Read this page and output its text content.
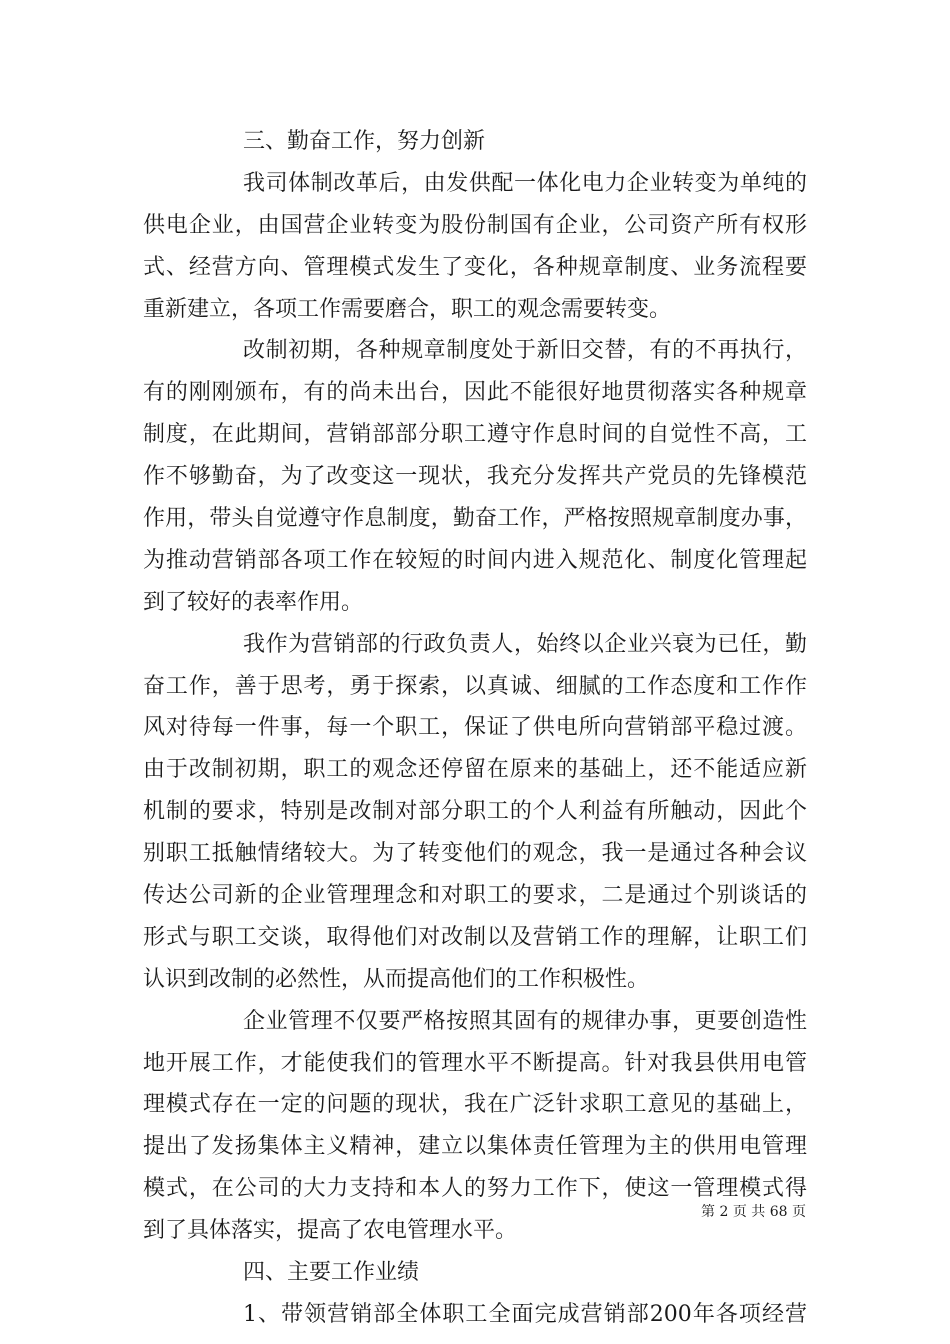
三、勤奋工作，努力创新
我司体制改革后，由发供配一体化电力企业转变为单纯的
供电企业，由国营企业转变为股份制国有企业，公司资产所有权形
式、经营方向、管理模式发生了变化，各种规章制度、业务流程要
重新建立，各项工作需要磨合，职工的观念需要转变。
改制初期，各种规章制度处于新旧交替，有的不再执行，
有的刚刚颁布，有的尚未出台，因此不能很好地贯彻落实各种规章
制度，在此期间，营销部部分职工遵守作息时间的自觉性不高，工
作不够勤奋，为了改变这一现状，我充分发挥共产党员的先锋模范
作用，带头自觉遵守作息制度，勤奋工作，严格按照规章制度办事，
为推动营销部各项工作在较短的时间内进入规范化、制度化管理起
到了较好的表率作用。
我作为营销部的行政负责人，始终以企业兴衰为已任，勤
奋工作，善于思考，勇于探索，以真诚、细腻的工作态度和工作作
风对待每一件事，每一个职工，保证了供电所向营销部平稳过渡。
由于改制初期，职工的观念还停留在原来的基础上，还不能适应新
机制的要求，特别是改制对部分职工的个人利益有所触动，因此个
别职工抵触情绪较大。为了转变他们的观念，我一是通过各种会议
传达公司新的企业管理理念和对职工的要求，二是通过个别谈话的
形式与职工交谈，取得他们对改制以及营销工作的理解，让职工们
认识到改制的必然性，从而提高他们的工作积极性。
企业管理不仅要严格按照其固有的规律办事，更要创造性
地开展工作，才能使我们的管理水平不断提高。针对我县供用电管
理模式存在一定的问题的现状，我在广泛针求职工意见的基础上，
提出了发扬集体主义精神，建立以集体责任管理为主的供用电管理
模式，在公司的大力支持和本人的努力工作下，使这一管理模式得
到了具体落实，提高了农电管理水平。
四、主要工作业绩
1、带领营销部全体职工全面完成营销部200年各项经营
第 2 页 共 68 页
